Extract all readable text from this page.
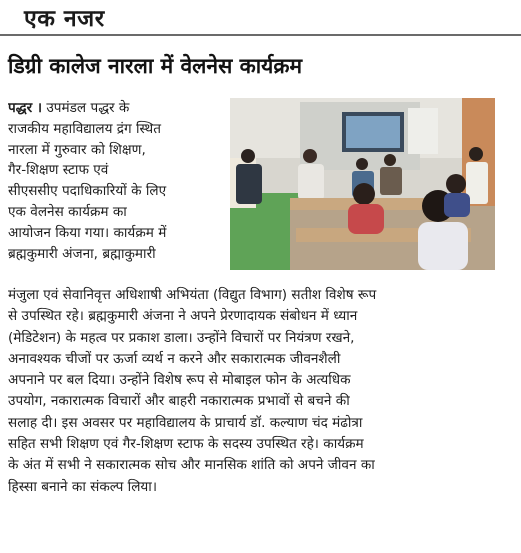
एक नजर
डिग्री कालेज नारला में वेलनेस कार्यक्रम
पद्धर । उपमंडल पद्धर के
राजकीय महाविद्यालय द्रंग स्थित
नारला में गुरुवार को शिक्षण,
गैर-शिक्षण स्टाफ एवं
सीएससीए पदाधिकारियों के लिए
एक वेलनेस कार्यक्रम का
आयोजन किया गया। कार्यक्रम में
ब्रह्मकुमारी अंजना, ब्रह्माकुमारी
मंजुला एवं सेवानिवृत्त अधिशाषी अभियंता (विद्युत विभाग) सतीश विशेष रूप
से उपस्थित रहे। ब्रह्मकुमारी अंजना ने अपने प्रेरणादायक संबोधन में ध्यान
(मेडिटेशन) के महत्व पर प्रकाश डाला। उन्होंने विचारों पर नियंत्रण रखने,
अनावश्यक चीजों पर ऊर्जा व्यर्थ न करने और सकारात्मक जीवनशैली
अपनाने पर बल दिया। उन्होंने विशेष रूप से मोबाइल फोन के अत्यधिक
उपयोग, नकारात्मक विचारों और बाहरी नकारात्मक प्रभावों से बचने की
सलाह दी। इस अवसर पर महाविद्यालय के प्राचार्य डॉ. कल्याण चंद मंढोत्रा
सहित सभी शिक्षण एवं गैर-शिक्षण स्टाफ के सदस्य उपस्थित रहे। कार्यक्रम
के अंत में सभी ने सकारात्मक सोच और मानसिक शांति को अपने जीवन का
हिस्सा बनाने का संकल्प लिया।
